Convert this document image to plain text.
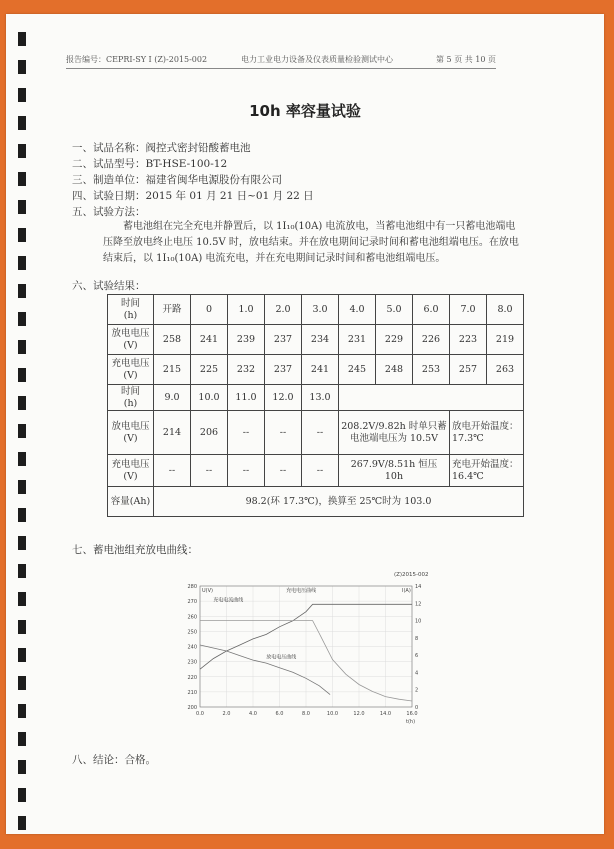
报告编号：CEPRI-SY I (Z)-2015-002	电力工业电力设备及仪表质量检验测试中心	第 5 页 共 10 页
10h 率容量试验
一、试品名称：阀控式密封铅酸蓄电池
二、试品型号：BT-HSE-100-12
三、制造单位：福建省闽华电源股份有限公司
四、试验日期：2015 年 01 月 21 日~01 月 22 日
五、试验方法：
蓄电池组在完全充电并静置后，以 1I₁₀(10A) 电流放电，当蓄电池组中有一只蓄电池端电压降至放电终止电压 10.5V 时，放电结束。并在放电期间记录时间和蓄电池组端电压。在放电结束后，以 1I₁₀(10A) 电流充电，并在充电期间记录时间和蓄电池组端电压。
六、试验结果：
时间
(h)	开路	0	1.0	2.0	3.0	4.0	5.0	6.0	7.0	8.0
放电电压(V)	258	241	239	237	234	231	229	226	223	219
充电电压(V)	215	225	232	237	241	245	248	253	257	263
时间
(h)	9.0	10.0	11.0	12.0	13.0					
放电电压(V)	214	206	--	--	--	208.2V/9.82h 时单只蓄电池端电压为 10.5V			放电开始温度：17.3℃	
充电电压(V)	--	--	--	--	--	267.9V/8.51h 恒压 10h			充电开始温度：16.4℃	
容量(Ah)	98.2(环 17.3℃)，换算至 25℃时为 103.0									
七、蓄电池组充放电曲线：
(Z)2015-002
0.0	2.0	4.0	6.0	8.0	10.0	12.0	14.0	16.0
200
210
220
230
240
250
260
270
280
0
2
4
6
8
10
12
14
U(V)	I(A)
t(h)
充电电压曲线
放电电压曲线
充电电流曲线
八、结论：合格。
